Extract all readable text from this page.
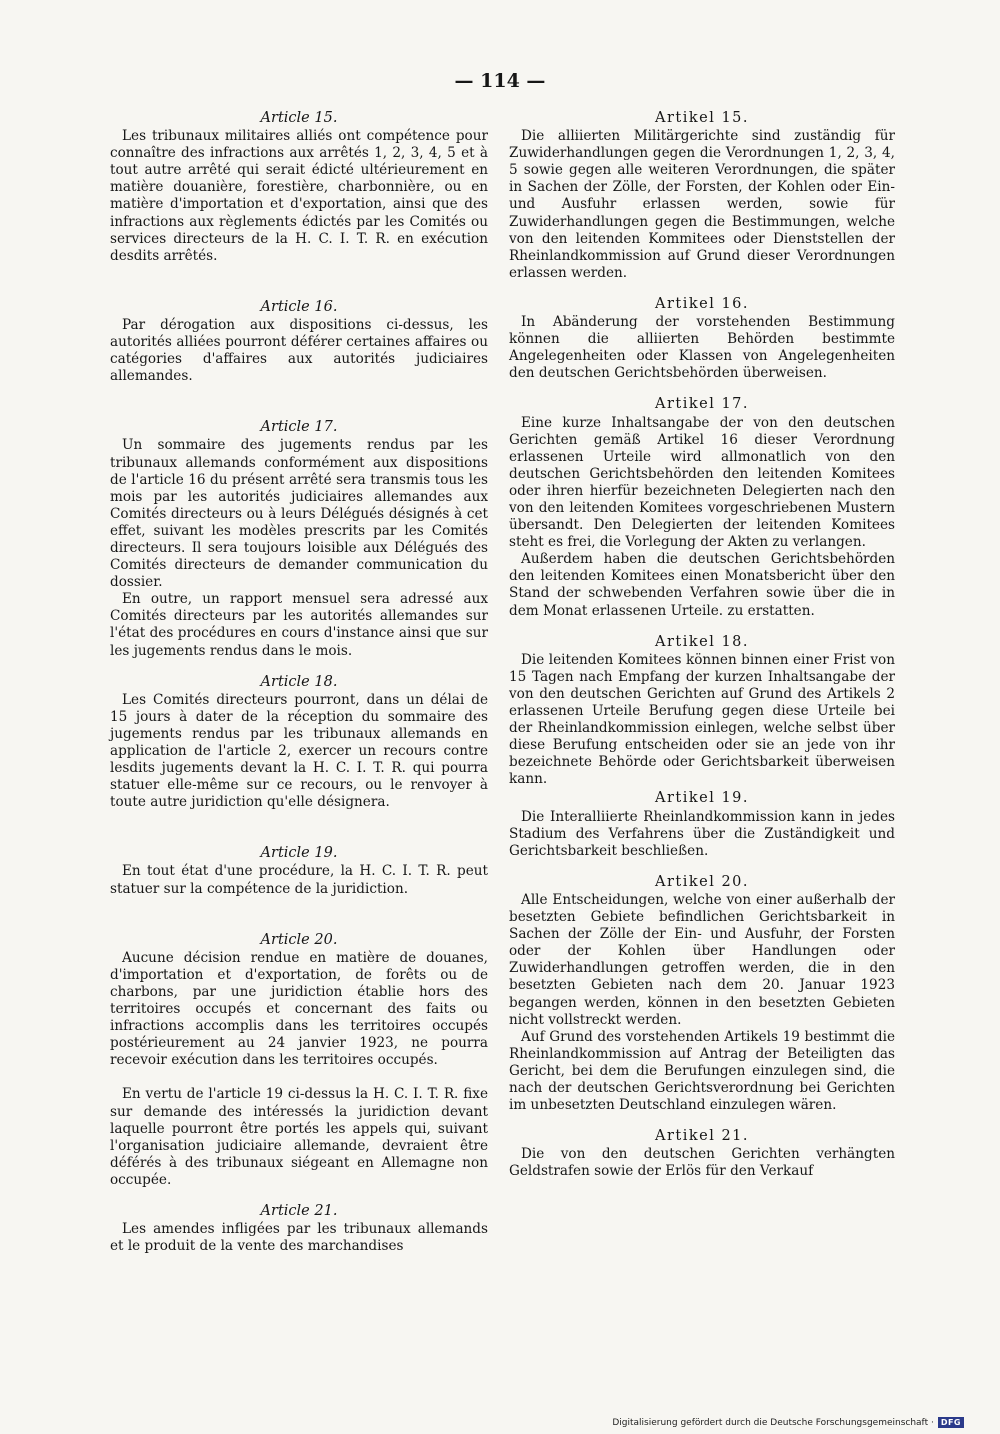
— 114 —

Article 15.

Les tribunaux militaires alliés ont compétence pour connaître des infractions aux arrêtés 1, 2, 3, 4, 5 et à tout autre arrêté qui serait édicté ultérieurement en matière douanière, forestière, charbonnière, ou en matière d'importation et d'exportation, ainsi que des infractions aux règlements édictés par les Comités ou services directeurs de la H. C. I. T. R. en exécution desdits arrêtés.

Article 16.

Par dérogation aux dispositions ci-dessus, les autorités alliées pourront déférer certaines affaires ou catégories d'affaires aux autorités judiciaires allemandes.

Article 17.

Un sommaire des jugements rendus par les tribunaux allemands conformément aux dispositions de l'article 16 du présent arrêté sera transmis tous les mois par les autorités judiciaires allemandes aux Comités directeurs ou à leurs Délégués désignés à cet effet, suivant les modèles prescrits par les Comités directeurs. Il sera toujours loisible aux Délégués des Comités directeurs de demander communication du dossier.

En outre, un rapport mensuel sera adressé aux Comités directeurs par les autorités allemandes sur l'état des procédures en cours d'instance ainsi que sur les jugements rendus dans le mois.

Article 18.

Les Comités directeurs pourront, dans un délai de 15 jours à dater de la réception du sommaire des jugements rendus par les tribunaux allemands en application de l'article 2, exercer un recours contre lesdits jugements devant la H. C. I. T. R. qui pourra statuer elle-même sur ce recours, ou le renvoyer à toute autre juridiction qu'elle désignera.

Article 19.

En tout état d'une procédure, la H. C. I. T. R. peut statuer sur la compétence de la juridiction.

Article 20.

Aucune décision rendue en matière de douanes, d'importation et d'exportation, de forêts ou de charbons, par une juridiction établie hors des territoires occupés et concernant des faits ou infractions accomplis dans les territoires occupés postérieurement au 24 janvier 1923, ne pourra recevoir exécution dans les territoires occupés.

En vertu de l'article 19 ci-dessus la H. C. I. T. R. fixe sur demande des intéressés la juridiction devant laquelle pourront être portés les appels qui, suivant l'organisation judiciaire allemande, devraient être déférés à des tribunaux siégeant en Allemagne non occupée.

Article 21.

Les amendes infligées par les tribunaux allemands et le produit de la vente des marchandises

Artikel 15.

Die alliierten Militärgerichte sind zuständig für Zuwiderhandlungen gegen die Verordnungen 1, 2, 3, 4, 5 sowie gegen alle weiteren Verordnungen, die später in Sachen der Zölle, der Forsten, der Kohlen oder Ein- und Ausfuhr erlassen werden, sowie für Zuwiderhandlungen gegen die Bestimmungen, welche von den leitenden Kommitees oder Dienststellen der Rheinlandkommission auf Grund dieser Verordnungen erlassen werden.

Artikel 16.

In Abänderung der vorstehenden Bestimmung können die alliierten Behörden bestimmte Angelegenheiten oder Klassen von Angelegenheiten den deutschen Gerichtsbehörden überweisen.

Artikel 17.

Eine kurze Inhaltsangabe der von den deutschen Gerichten gemäß Artikel 16 dieser Verordnung erlassenen Urteile wird allmonatlich von den deutschen Gerichtsbehörden den leitenden Komitees oder ihren hierfür bezeichneten Delegierten nach den von den leitenden Komitees vorgeschriebenen Mustern übersandt. Den Delegierten der leitenden Komitees steht es frei, die Vorlegung der Akten zu verlangen.

Außerdem haben die deutschen Gerichtsbehörden den leitenden Komitees einen Monatsbericht über den Stand der schwebenden Verfahren sowie über die in dem Monat erlassenen Urteile. zu erstatten.

Artikel 18.

Die leitenden Komitees können binnen einer Frist von 15 Tagen nach Empfang der kurzen Inhaltsangabe der von den deutschen Gerichten auf Grund des Artikels 2 erlassenen Urteile Berufung gegen diese Urteile bei der Rheinlandkommission einlegen, welche selbst über diese Berufung entscheiden oder sie an jede von ihr bezeichnete Behörde oder Gerichtsbarkeit überweisen kann.

Artikel 19.

Die Interalliierte Rheinlandkommission kann in jedes Stadium des Verfahrens über die Zuständigkeit und Gerichtsbarkeit beschließen.

Artikel 20.

Alle Entscheidungen, welche von einer außerhalb der besetzten Gebiete befindlichen Gerichtsbarkeit in Sachen der Zölle der Ein- und Ausfuhr, der Forsten oder der Kohlen über Handlungen oder Zuwiderhandlungen getroffen werden, die in den besetzten Gebieten nach dem 20. Januar 1923 begangen werden, können in den besetzten Gebieten nicht vollstreckt werden.

Auf Grund des vorstehenden Artikels 19 bestimmt die Rheinlandkommission auf Antrag der Beteiligten das Gericht, bei dem die Berufungen einzulegen sind, die nach der deutschen Gerichtsverordnung bei Gerichten im unbesetzten Deutschland einzulegen wären.

Artikel 21.

Die von den deutschen Gerichten verhängten Geldstrafen sowie der Erlös für den Verkauf

Digitalisierung gefördert durch die Deutsche Forschungsgemeinschaft · DFG
